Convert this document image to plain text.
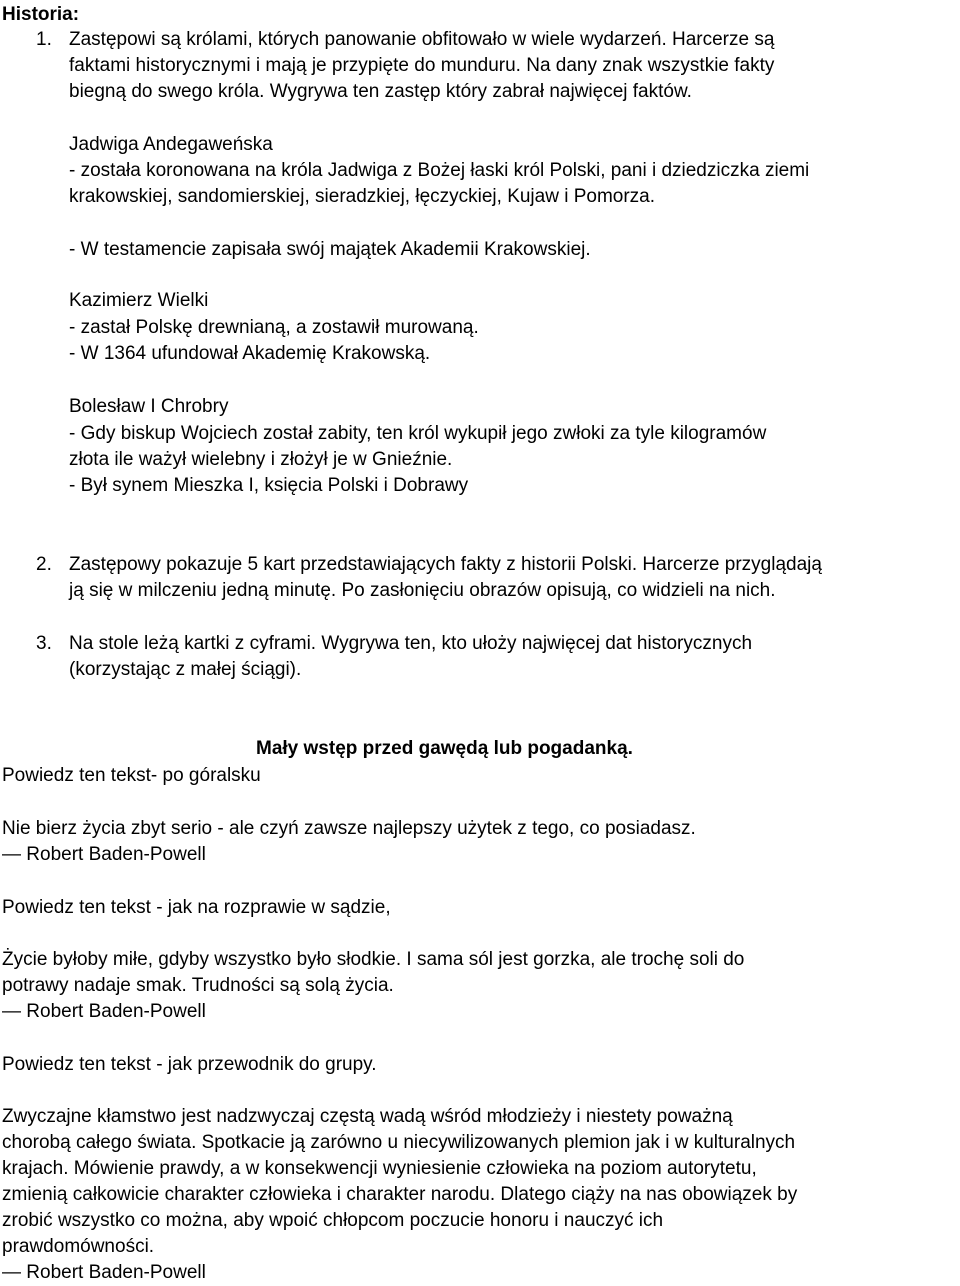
Historia:
1. Zastępowi są królami, których panowanie obfitowało w wiele wydarzeń. Harcerze są
faktami historycznymi i mają je przypięte do munduru. Na dany znak wszystkie fakty
biegną do swego króla. Wygrywa ten zastęp który zabrał najwięcej faktów.
Jadwiga Andegaweńska
- została koronowana na króla Jadwiga z Bożej łaski król Polski, pani i dziedziczka ziemi
krakowskiej, sandomierskiej, sieradzkiej, łęczyckiej, Kujaw i Pomorza.
- W testamencie zapisała swój majątek Akademii Krakowskiej.
Kazimierz Wielki
- zastał Polskę drewnianą, a zostawił murowaną.
- W 1364 ufundował Akademię Krakowską.
Bolesław I Chrobry
- Gdy biskup Wojciech został zabity, ten król wykupił jego zwłoki za tyle kilogramów
złota ile ważył wielebny i złożył je w Gnieźnie.
- Był synem Mieszka I, księcia Polski i Dobrawy
2. Zastępowy pokazuje 5 kart przedstawiających fakty z historii Polski. Harcerze przyglądają
ją się w milczeniu jedną minutę. Po zasłonięciu obrazów opisują, co widzieli na nich.
3. Na stole leżą kartki z cyframi. Wygrywa ten, kto ułoży najwięcej dat historycznych
(korzystając z małej ściągi).
Mały wstęp przed gawędą lub pogadanką.
Powiedz ten tekst- po góralsku
Nie bierz życia zbyt serio - ale czyń zawsze najlepszy użytek z tego, co posiadasz.
― Robert Baden-Powell
Powiedz ten tekst - jak na rozprawie w sądzie,
Życie byłoby miłe, gdyby wszystko było słodkie. I sama sól jest gorzka, ale trochę soli do
potrawy nadaje smak. Trudności są solą życia.
― Robert Baden-Powell
Powiedz ten tekst - jak przewodnik do grupy.
Zwyczajne kłamstwo jest nadzwyczaj częstą wadą wśród młodzieży i niestety poważną
chorobą całego świata. Spotkacie ją zarówno u niecywilizowanych plemion jak i w kulturalnych
krajach. Mówienie prawdy, a w konsekwencji wyniesienie człowieka na poziom autorytetu,
zmienią całkowicie charakter człowieka i charakter narodu. Dlatego ciąży na nas obowiązek by
zrobić wszystko co można, aby wpoić chłopcom poczucie honoru i nauczyć ich
prawdomówności.
― Robert Baden-Powell
